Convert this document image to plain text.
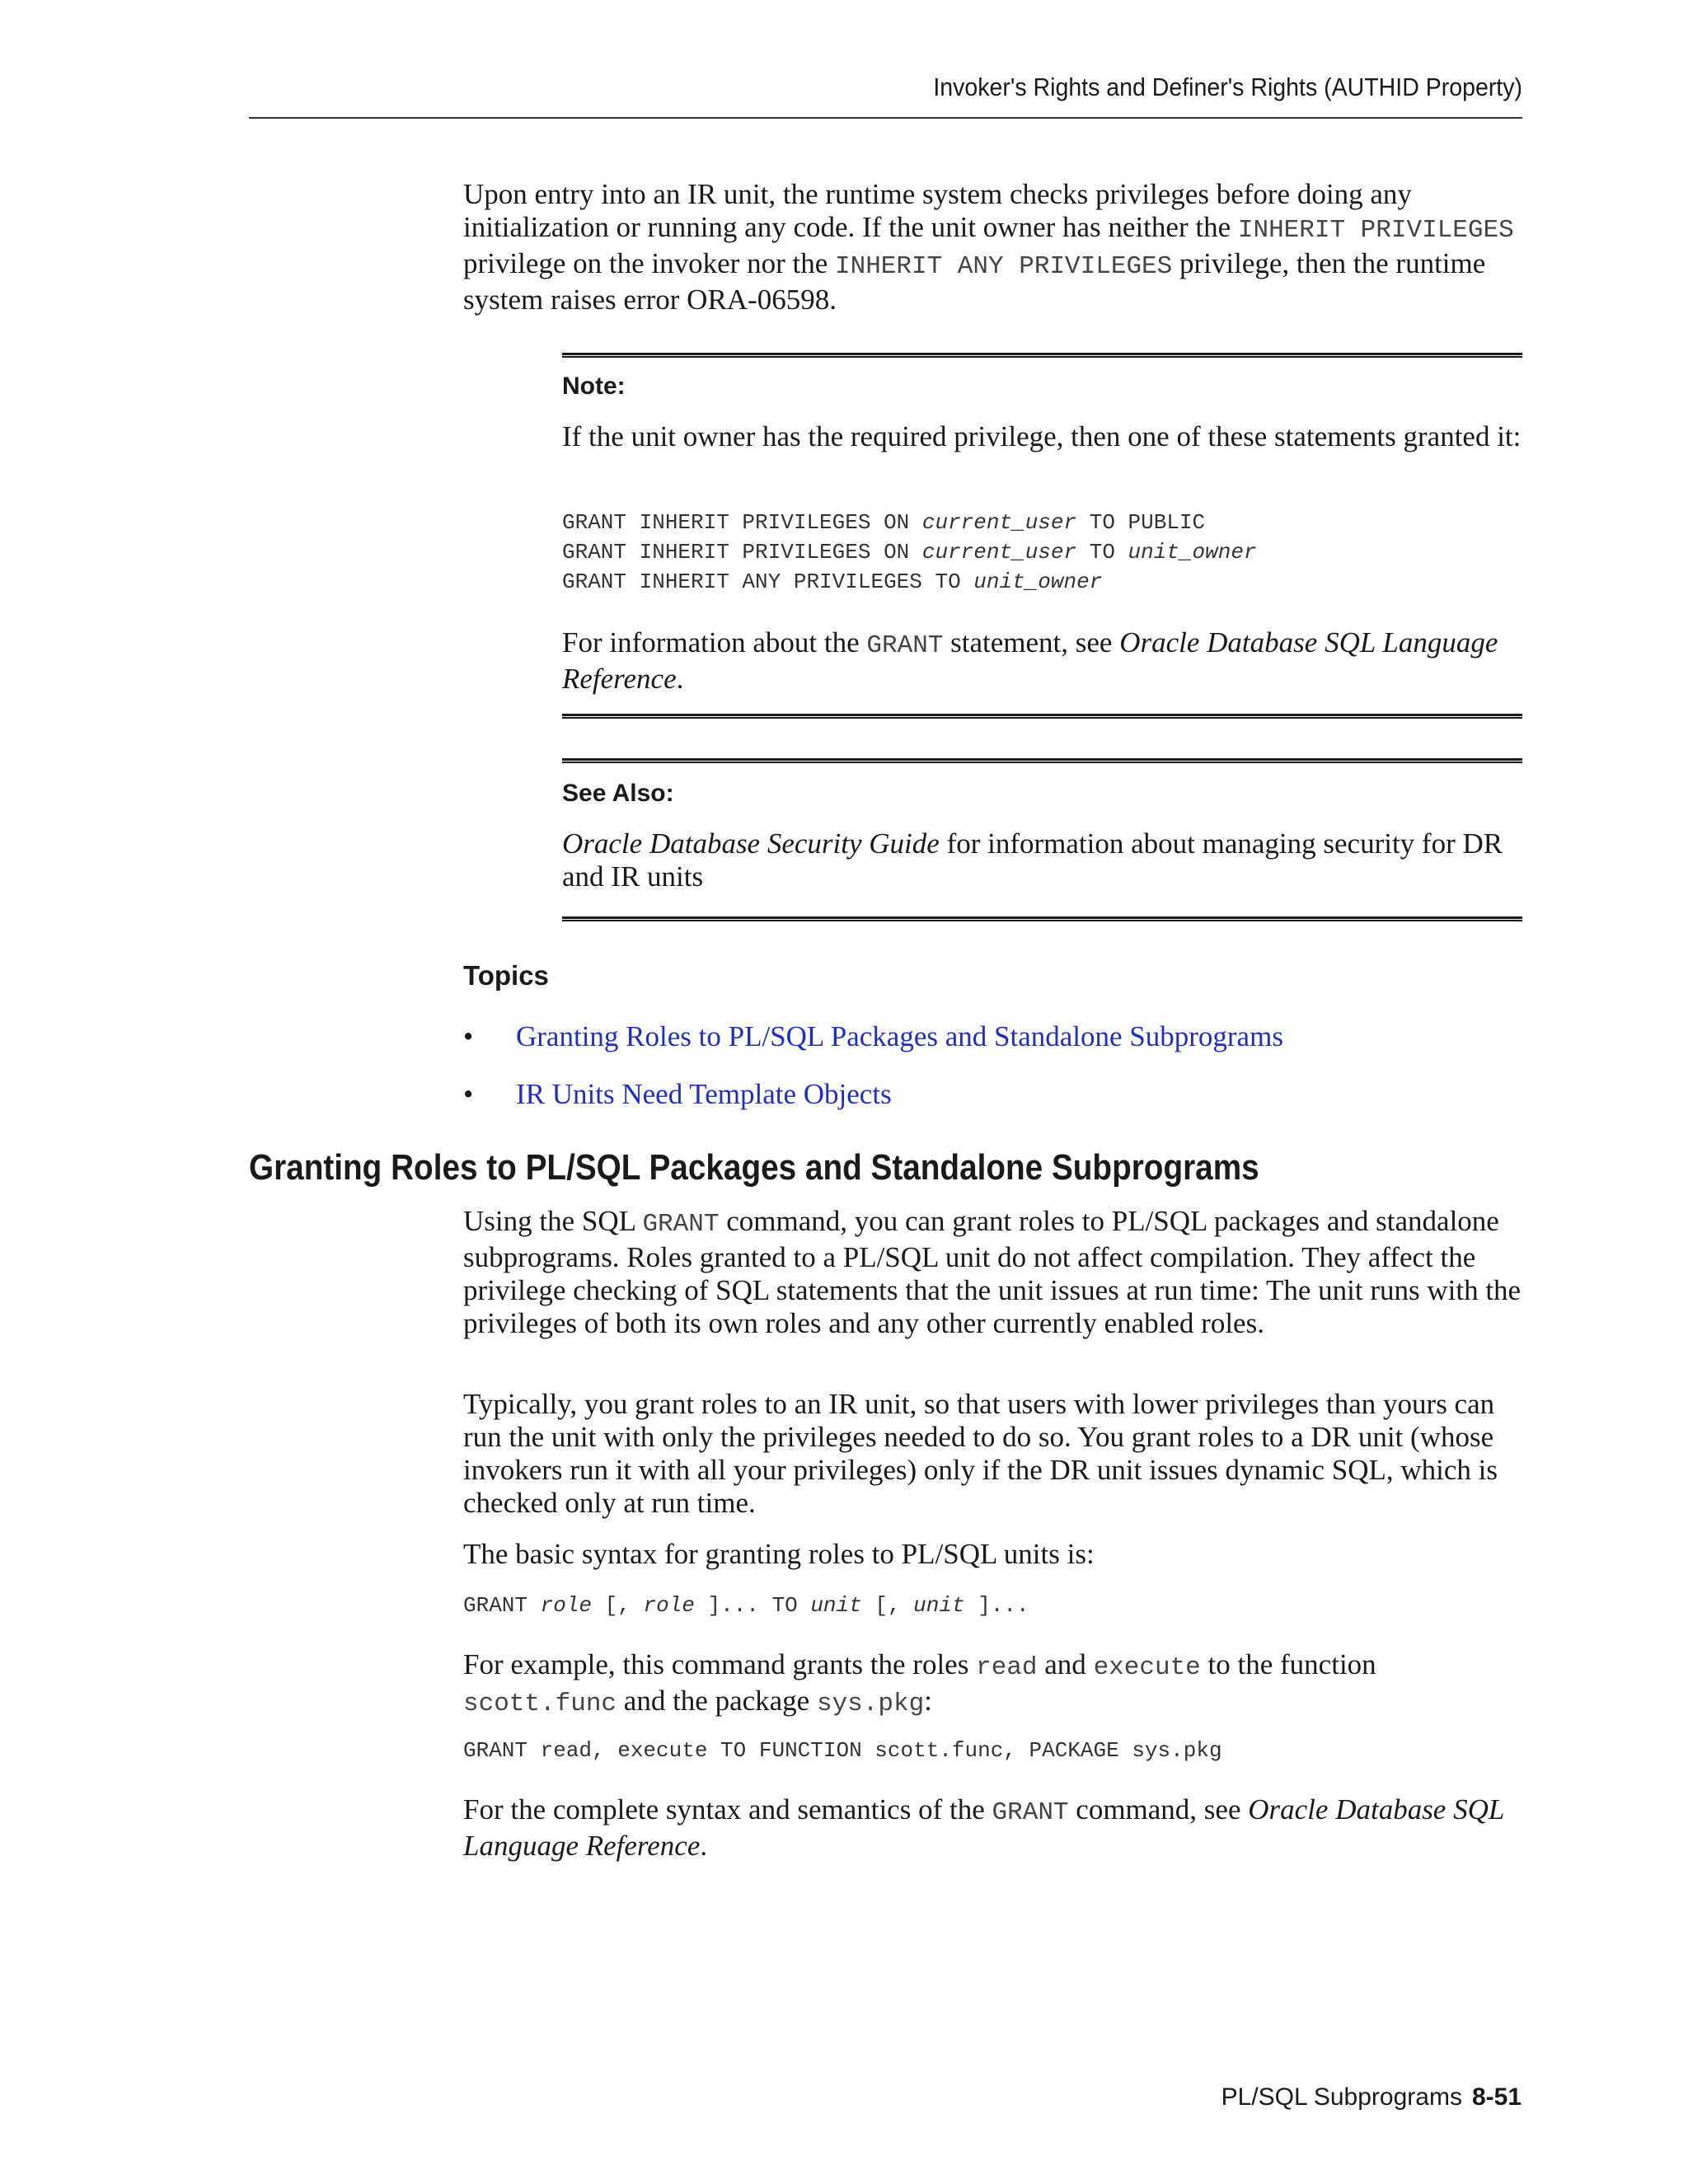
Invoker's Rights and Definer's Rights (AUTHID Property)

Upon entry into an IR unit, the runtime system checks privileges before doing any initialization or running any code. If the unit owner has neither the INHERIT PRIVILEGES privilege on the invoker nor the INHERIT ANY PRIVILEGES privilege, then the runtime system raises error ORA-06598.

Note:

If the unit owner has the required privilege, then one of these statements granted it:

GRANT INHERIT PRIVILEGES ON current_user TO PUBLIC
GRANT INHERIT PRIVILEGES ON current_user TO unit_owner
GRANT INHERIT ANY PRIVILEGES TO unit_owner

For information about the GRANT statement, see Oracle Database SQL Language Reference.

See Also:

Oracle Database Security Guide for information about managing security for DR and IR units

Topics
• Granting Roles to PL/SQL Packages and Standalone Subprograms
• IR Units Need Template Objects
Granting Roles to PL/SQL Packages and Standalone Subprograms

Using the SQL GRANT command, you can grant roles to PL/SQL packages and standalone subprograms. Roles granted to a PL/SQL unit do not affect compilation. They affect the privilege checking of SQL statements that the unit issues at run time: The unit runs with the privileges of both its own roles and any other currently enabled roles.

Typically, you grant roles to an IR unit, so that users with lower privileges than yours can run the unit with only the privileges needed to do so. You grant roles to a DR unit (whose invokers run it with all your privileges) only if the DR unit issues dynamic SQL, which is checked only at run time.

The basic syntax for granting roles to PL/SQL units is:

GRANT role [, role ]... TO unit [, unit ]...

For example, this command grants the roles read and execute to the function scott.func and the package sys.pkg:

GRANT read, execute TO FUNCTION scott.func, PACKAGE sys.pkg

For the complete syntax and semantics of the GRANT command, see Oracle Database SQL Language Reference.

PL/SQL Subprograms 8-51
